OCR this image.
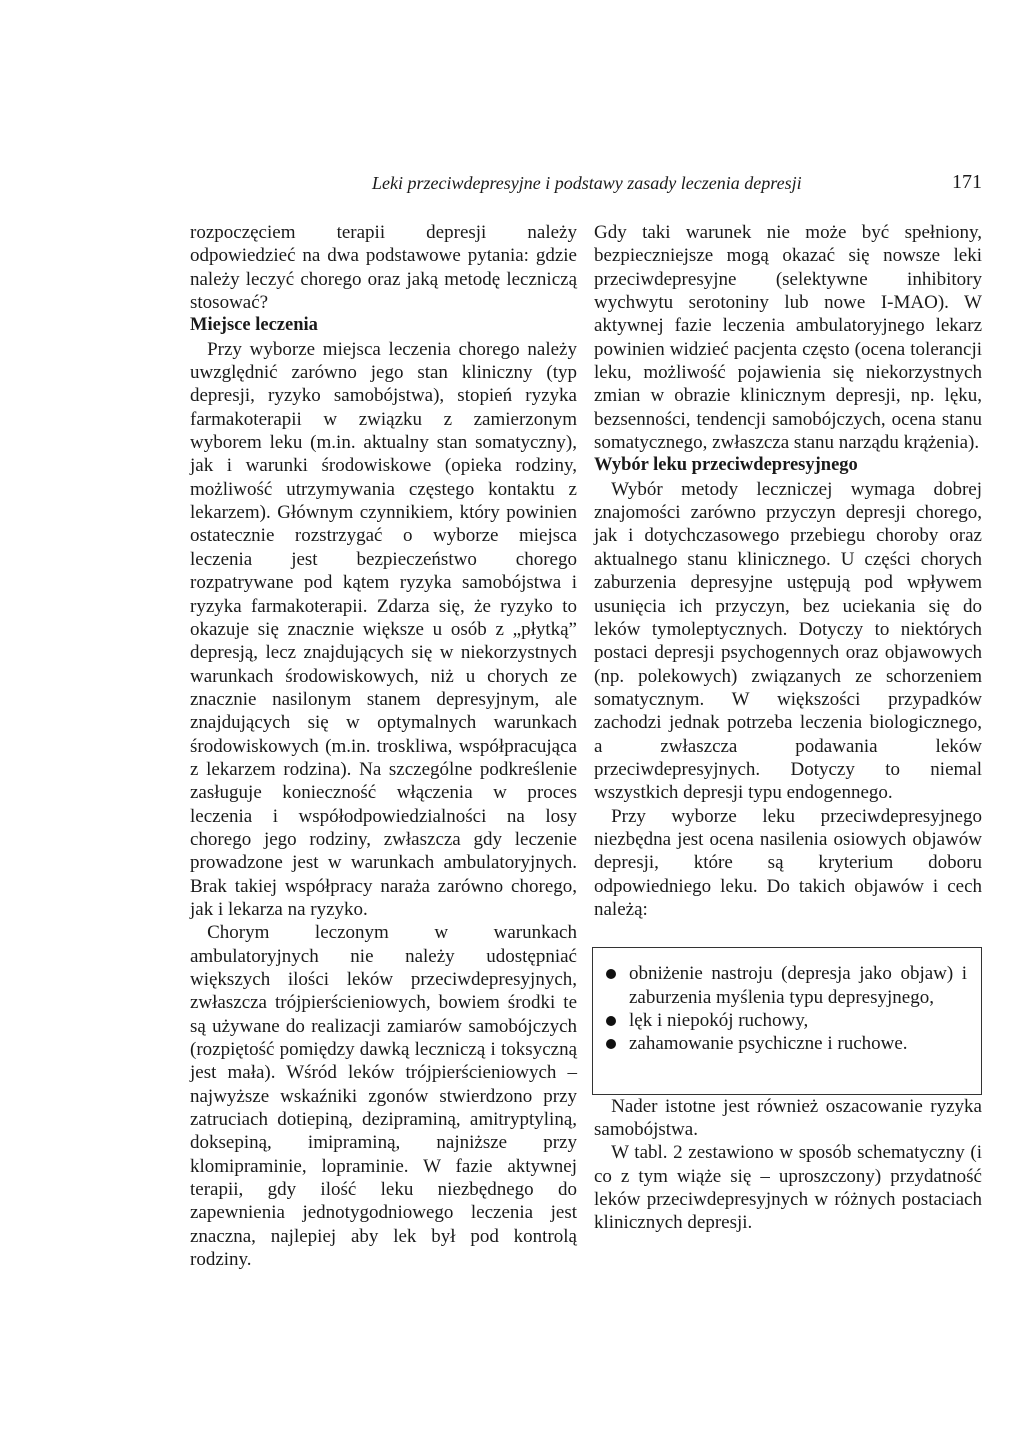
Leki przeciwdepresyjne i podstawy zasady leczenia depresji	171

rozpoczęciem terapii depresji należy odpowiedzieć na dwa podstawowe pytania: gdzie należy leczyć chorego oraz jaką metodę leczniczą stosować?

Miejsce leczenia

Przy wyborze miejsca leczenia chorego należy uwzględnić zarówno jego stan kliniczny (typ depresji, ryzyko samobójstwa), stopień ryzyka farmakoterapii w związku z zamierzonym wyborem leku (m.in. aktualny stan somatyczny), jak i warunki środowiskowe (opieka rodziny, możliwość utrzymywania częstego kontaktu z lekarzem). Głównym czynnikiem, który powinien ostatecznie rozstrzygać o wyborze miejsca leczenia jest bezpieczeństwo chorego rozpatrywane pod kątem ryzyka samobójstwa i ryzyka farmakoterapii. Zdarza się, że ryzyko to okazuje się znacznie większe u osób z „płytką” depresją, lecz znajdujących się w niekorzystnych warunkach środowiskowych, niż u chorych ze znacznie nasilonym stanem depresyjnym, ale znajdujących się w optymalnych warunkach środowiskowych (m.in. troskliwa, współpracująca z lekarzem rodzina). Na szczególne podkreślenie zasługuje konieczność włączenia w proces leczenia i współodpowiedzialności na losy chorego jego rodziny, zwłaszcza gdy leczenie prowadzone jest w warunkach ambulatoryjnych. Brak takiej współpracy naraża zarówno chorego, jak i lekarza na ryzyko.

Chorym leczonym w warunkach ambulatoryjnych nie należy udostępniać większych ilości leków przeciwdepresyjnych, zwłaszcza trójpierścieniowych, bowiem środki te są używane do realizacji zamiarów samobójczych (rozpiętość pomiędzy dawką leczniczą i toksyczną jest mała). Wśród leków trójpierścieniowych – najwyższe wskaźniki zgonów stwierdzono przy zatruciach dotiepiną, dezipraminą, amitryptyliną, doksepiną, imipraminą, najniższe przy klomipraminie, lopraminie. W fazie aktywnej terapii, gdy ilość leku niezbędnego do zapewnienia jednotygodniowego leczenia jest znaczna, najlepiej aby lek był pod kontrolą rodziny.

Gdy taki warunek nie może być spełniony, bezpieczniejsze mogą okazać się nowsze leki przeciwdepresyjne (selektywne inhibitory wychwytu serotoniny lub nowe I-MAO). W aktywnej fazie leczenia ambulatoryjnego lekarz powinien widzieć pacjenta często (ocena tolerancji leku, możliwość pojawienia się niekorzystnych zmian w obrazie klinicznym depresji, np. lęku, bezsenności, tendencji samobójczych, ocena stanu somatycznego, zwłaszcza stanu narządu krążenia).

Wybór leku przeciwdepresyjnego

Wybór metody leczniczej wymaga dobrej znajomości zarówno przyczyn depresji chorego, jak i dotychczasowego przebiegu choroby oraz aktualnego stanu klinicznego. U części chorych zaburzenia depresyjne ustępują pod wpływem usunięcia ich przyczyn, bez uciekania się do leków tymoleptycznych. Dotyczy to niektórych postaci depresji psychogennych oraz objawowych (np. polekowych) związanych ze schorzeniem somatycznym. W większości przypadków zachodzi jednak potrzeba leczenia biologicznego, a zwłaszcza podawania leków przeciwdepresyjnych. Dotyczy to niemal wszystkich depresji typu endogennego.

Przy wyborze leku przeciwdepresyjnego niezbędna jest ocena nasilenia osiowych objawów depresji, które są kryterium doboru odpowiedniego leku. Do takich objawów i cech należą:

obniżenie nastroju (depresja jako objaw) i zaburzenia myślenia typu depresyjnego,
lęk i niepokój ruchowy,
zahamowanie psychiczne i ruchowe.

Nader istotne jest również oszacowanie ryzyka samobójstwa.

W tabl. 2 zestawiono w sposób schematyczny (i co z tym wiąże się – uproszczony) przydatność leków przeciwdepresyjnych w różnych postaciach klinicznych depresji.
